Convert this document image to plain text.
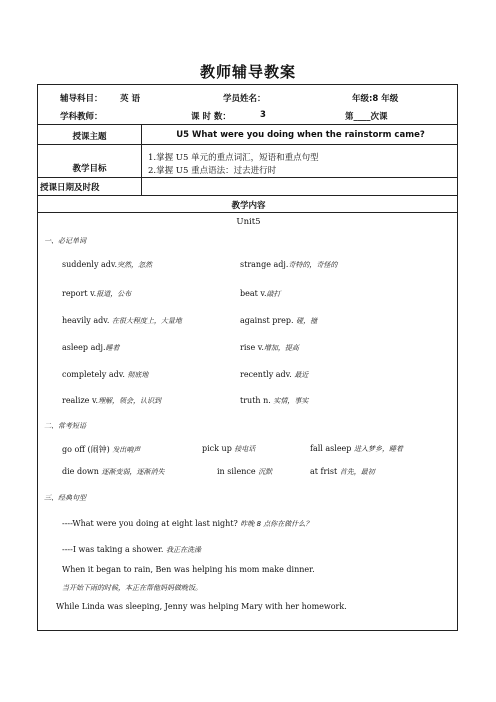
教师辅导教案
辅导科目： 英 语	学员姓名：	年级:8 年级
学科教师：	课 时 数：	3	第____次课
授课主题	U5 What were you doing when the rainstorm came?
教学目标
1.掌握 U5 单元的重点词汇，短语和重点句型
2.掌握 U5 重点语法：过去进行时
授课日期及时段
教学内容
Unit5
一、必记单词
suddenly adv.突然，忽然	strange adj.奇特的，奇怪的
report v.报道，公布	beat v.敲打
heavily adv. 在很大程度上，大量地	against prep. 碰，撞
asleep adj.睡着	rise v.增加，提高
completely adv. 彻底地	recently adv. 最近
realize v.理解，领会，认识到	truth n. 实情，事实
二、常考短语
go off (闹钟) 发出响声	pick up 接电话	fall asleep 进入梦乡，睡着
die down 逐渐变弱，逐渐消失	in silence 沉默	at frist 首先，最初
三、经典句型
----What were you doing at eight last night? 昨晚 8 点你在做什么？
----I was taking a shower. 我正在洗澡
When it began to rain, Ben was helping his mom make dinner.
当开始下雨的时候，本正在帮他妈妈做晚饭。
While Linda was sleeping, Jenny was helping Mary with her homework.
